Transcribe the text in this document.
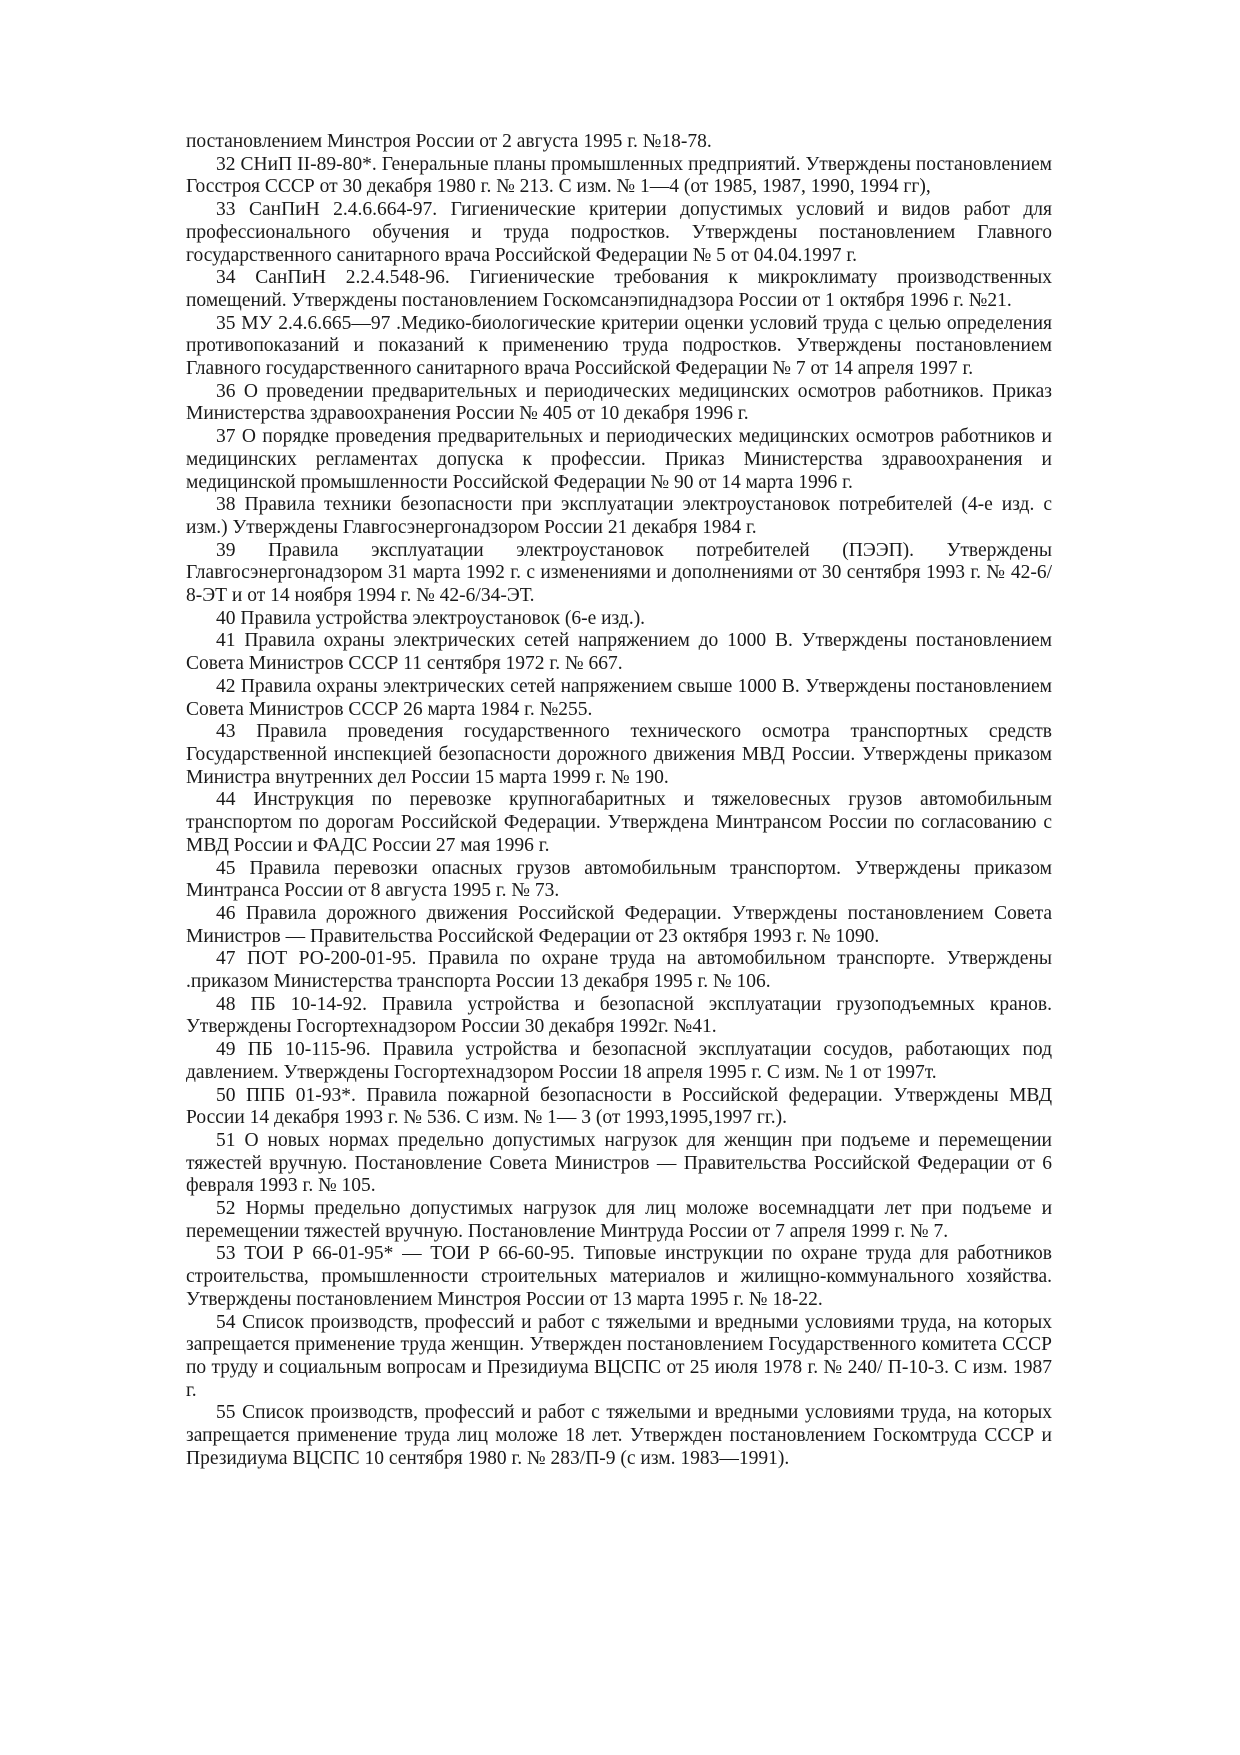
постановлением Минстроя России от 2 августа 1995 г. №18-78.

32 СНиП II-89-80*. Генеральные планы промышленных предприятий. Утверждены постановлением Госстроя СССР от 30 декабря 1980 г. № 213. С изм. № 1—4 (от 1985, 1987, 1990, 1994 гг),

33 СанПиН 2.4.6.664-97. Гигиенические критерии допустимых условий и видов работ для профессионального обучения и труда подростков. Утверждены постановлением Главного государственного санитарного врача Российской Федерации № 5 от 04.04.1997 г.

34 СанПиН 2.2.4.548-96. Гигиенические требования к микроклимату производственных помещений. Утверждены постановлением Госкомсанэпиднадзора России от 1 октября 1996 г. №21.

35 МУ 2.4.6.665—97 .Медико-биологические критерии оценки условий труда с целью определения противопоказаний и показаний к применению труда подростков. Утверждены постановлением Главного государственного санитарного врача Российской Федерации № 7 от 14 апреля 1997 г.

36 О проведении предварительных и периодических медицинских осмотров работников. Приказ Министерства здравоохранения России № 405 от 10 декабря 1996 г.

37 О порядке проведения предварительных и периодических медицинских осмотров работников и медицинских регламентах допуска к профессии. Приказ Министерства здравоохранения и медицинской промышленности Российской Федерации № 90 от 14 марта 1996 г.

38 Правила техники безопасности при эксплуатации электроустановок потребителей (4-е изд. с изм.) Утверждены Главгосэнергонадзором России 21 декабря 1984 г.

39 Правила эксплуатации электроустановок потребителей (ПЭЭП). Утверждены Главгосэнергонадзором 31 марта 1992 г. с изменениями и дополнениями от 30 сентября 1993 г. № 42-6/ 8-ЭТ и от 14 ноября 1994 г. № 42-6/34-ЭТ.

40 Правила устройства электроустановок (6-е изд.).

41 Правила охраны электрических сетей напряжением до 1000 В. Утверждены постановлением Совета Министров СССР 11 сентября 1972 г. № 667.

42 Правила охраны электрических сетей напряжением свыше 1000 В. Утверждены постановлением Совета Министров СССР 26 марта 1984 г. №255.

43 Правила проведения государственного технического осмотра транспортных средств Государственной инспекцией безопасности дорожного движения МВД России. Утверждены приказом Министра внутренних дел России 15 марта 1999 г. № 190.

44 Инструкция по перевозке крупногабаритных и тяжеловесных грузов автомобильным транспортом по дорогам Российской Федерации. Утверждена Минтрансом России по согласованию с МВД России и ФАДС России 27 мая 1996 г.

45 Правила перевозки опасных грузов автомобильным транспортом. Утверждены приказом Минтранса России от 8 августа 1995 г. № 73.

46 Правила дорожного движения Российской Федерации. Утверждены постановлением Совета Министров — Правительства Российской Федерации от 23 октября 1993 г. № 1090.

47 ПОТ РО-200-01-95. Правила по охране труда на автомобильном транспорте. Утверждены .приказом Министерства транспорта России 13 декабря 1995 г. № 106.

48 ПБ 10-14-92. Правила устройства и безопасной эксплуатации грузоподъемных кранов. Утверждены Госгортехнадзором России 30 декабря 1992г. №41.

49 ПБ 10-115-96. Правила устройства и безопасной эксплуатации сосудов, работающих под давлением. Утверждены Госгортехнадзором России 18 апреля 1995 г. С изм. № 1 от 1997т.

50 ППБ 01-93*. Правила пожарной безопасности в Российской федерации. Утверждены МВД России 14 декабря 1993 г. № 536. С изм. № 1— 3 (от 1993,1995,1997 гг.).

51 О новых нормах предельно допустимых нагрузок для женщин при подъеме и перемещении тяжестей вручную. Постановление Совета Министров — Правительства Российской Федерации от 6 февраля 1993 г. № 105.

52 Нормы предельно допустимых нагрузок для лиц моложе восемнадцати лет при подъеме и перемещении тяжестей вручную. Постановление Минтруда России от 7 апреля 1999 г. № 7.

53 ТОИ Р 66-01-95* — ТОИ Р 66-60-95. Типовые инструкции по охране труда для работников строительства, промышленности строительных материалов и жилищно-коммунального хозяйства. Утверждены постановлением Минстроя России от 13 марта 1995 г. № 18-22.

54 Список производств, профессий и работ с тяжелыми и вредными условиями труда, на которых запрещается применение труда женщин. Утвержден постановлением Государственного комитета СССР по труду и социальным вопросам и Президиума ВЦСПС от 25 июля 1978 г. № 240/ П-10-3. С изм. 1987 г.

55 Список производств, профессий и работ с тяжелыми и вредными условиями труда, на которых запрещается применение труда лиц моложе 18 лет. Утвержден постановлением Госкомтруда СССР и Президиума ВЦСПС 10 сентября 1980 г. № 283/П-9 (с изм. 1983—1991).
